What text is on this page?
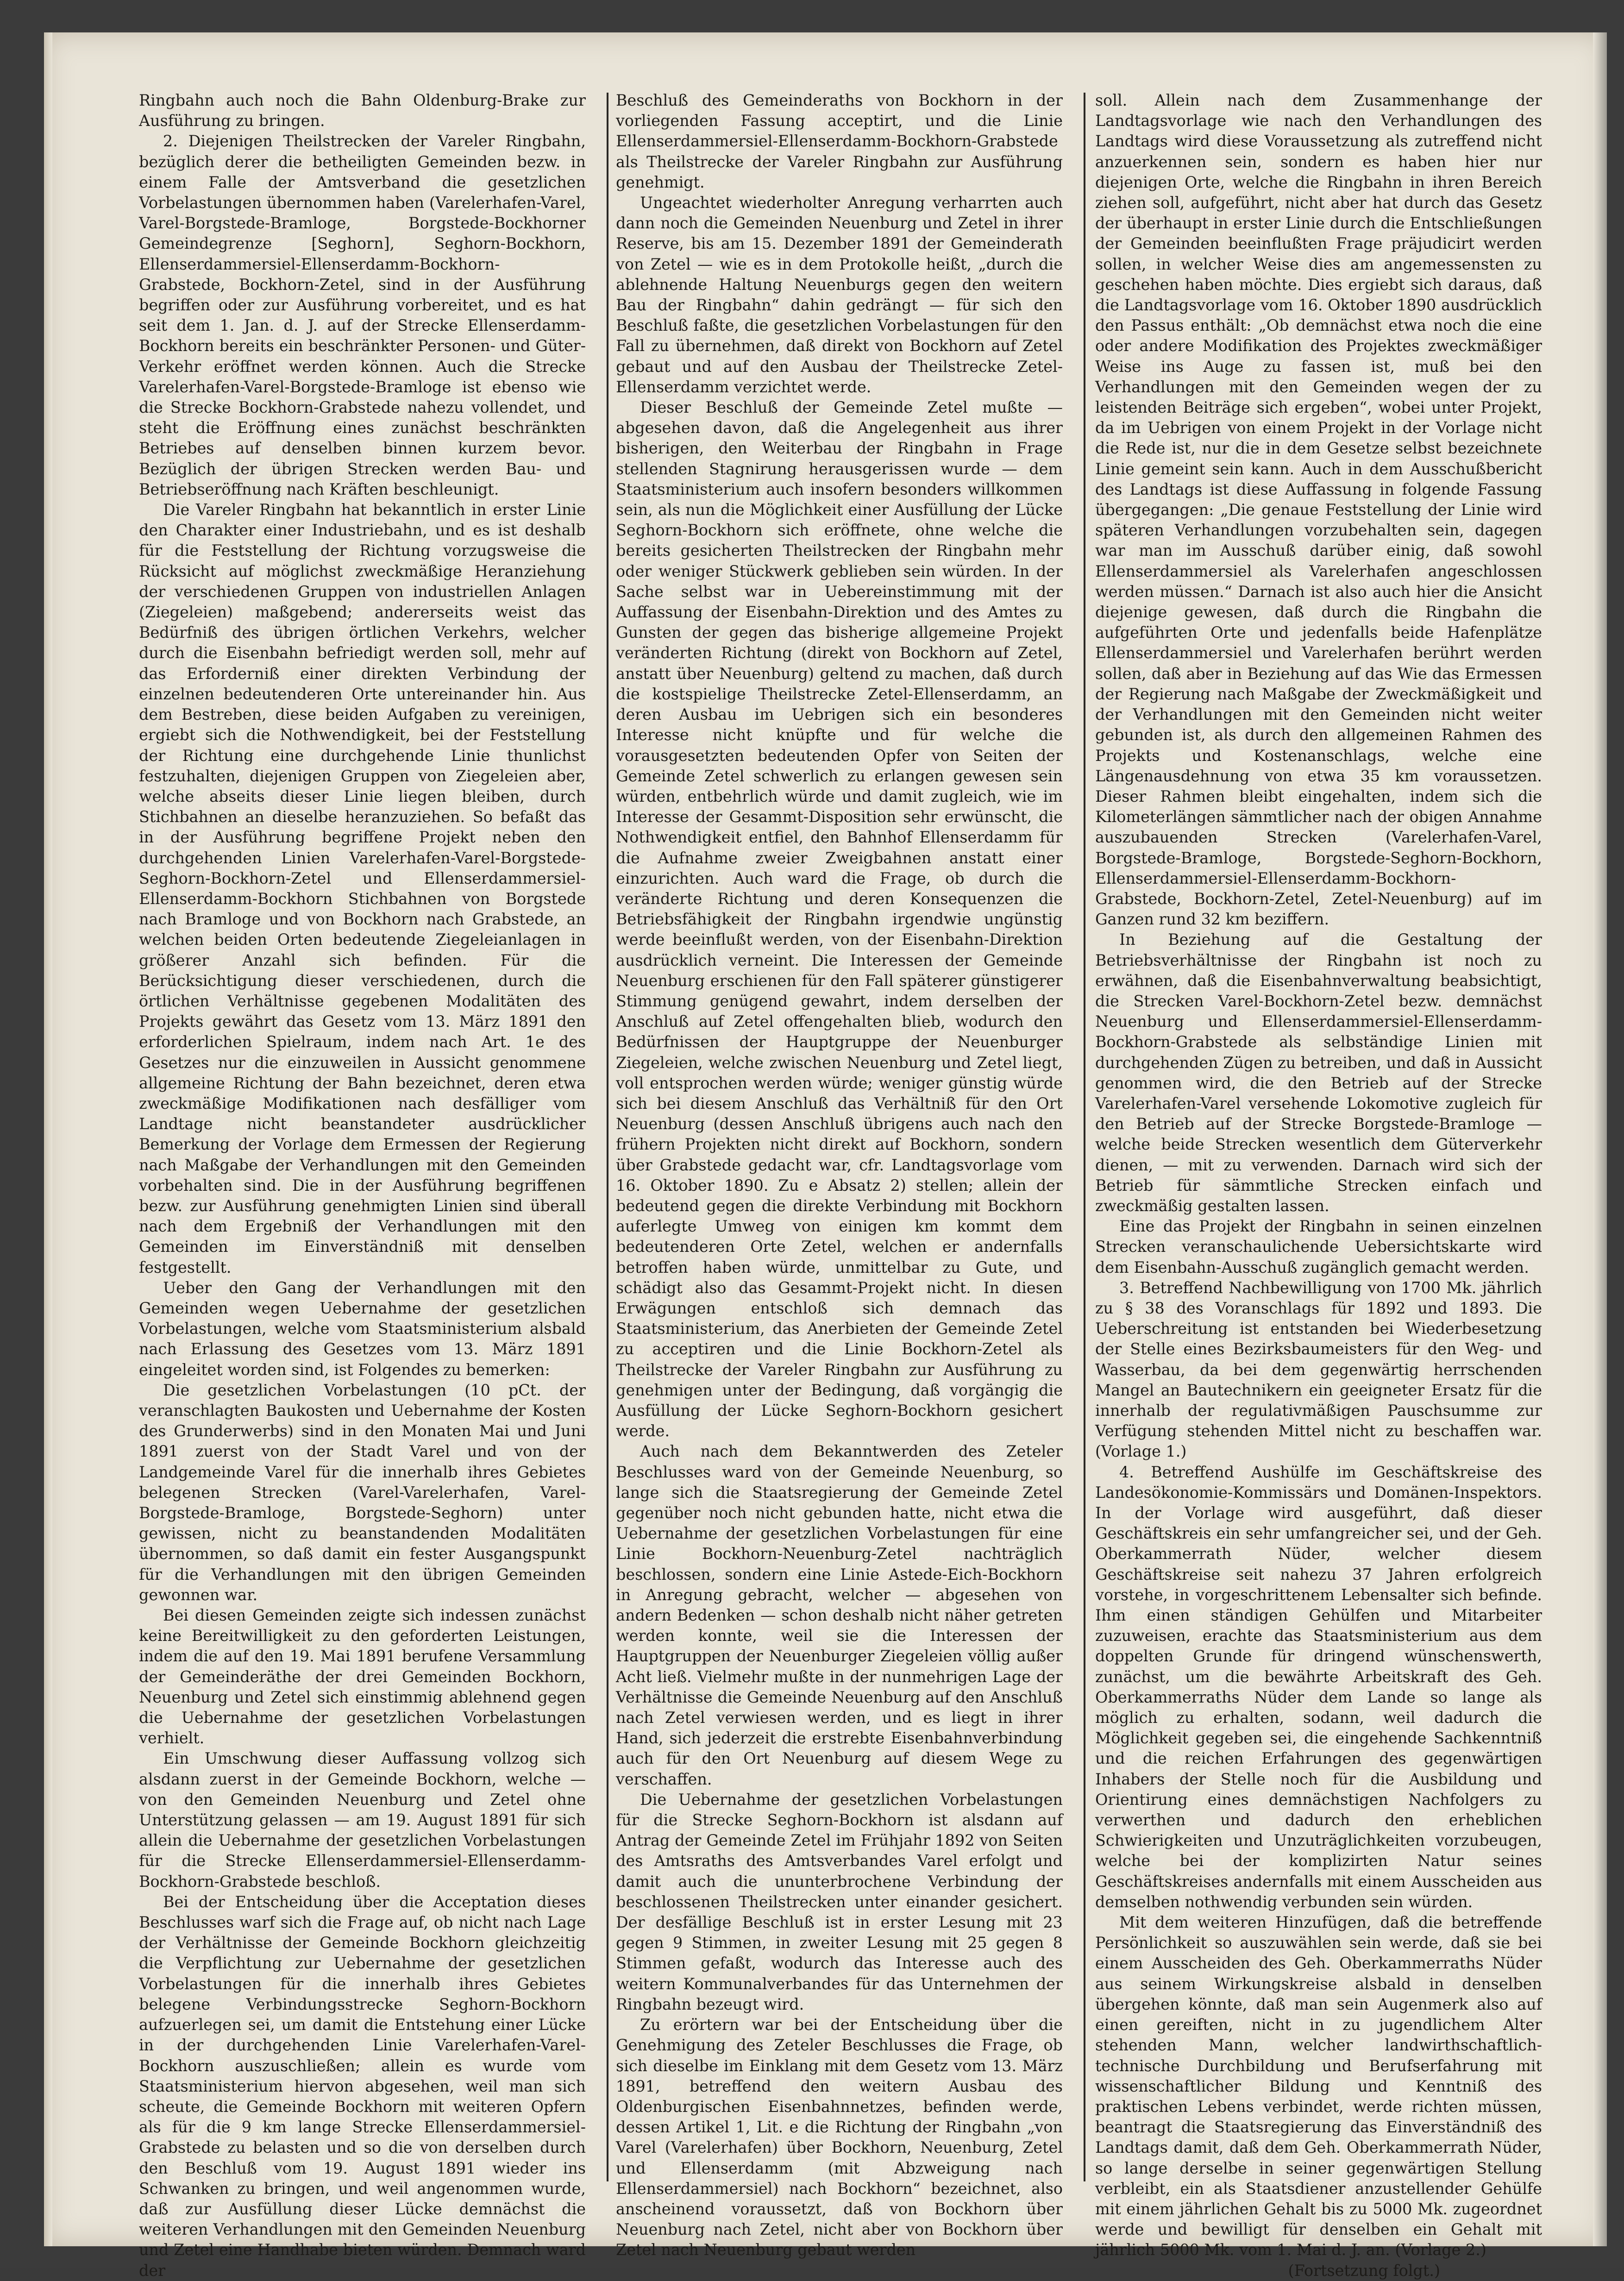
Ringbahn auch noch die Bahn Oldenburg-Brake zur Ausführung zu bringen.

2. Diejenigen Theilstrecken der Vareler Ringbahn, bezüglich derer die betheiligten Gemeinden bezw. in einem Falle der Amtsverband die gesetzlichen Vorbelastungen übernommen haben (Varelerhafen-Varel, Varel-Borgstede-Bramloge, Borgstede-Bockhorner Gemeindegrenze [Seghorn], Seghorn-Bockhorn, Ellenserdammersiel-Ellenserdamm-Bockhorn-Grabstede, Bockhorn-Zetel, sind in der Ausführung begriffen oder zur Ausführung vorbereitet, und es hat seit dem 1. Jan. d. J. auf der Strecke Ellenserdamm-Bockhorn bereits ein beschränkter Personen- und Güter-Verkehr eröffnet werden können. Auch die Strecke Varelerhafen-Varel-Borgstede-Bramloge ist ebenso wie die Strecke Bockhorn-Grabstede nahezu vollendet, und steht die Eröffnung eines zunächst beschränkten Betriebes auf denselben binnen kurzem bevor. Bezüglich der übrigen Strecken werden Bau- und Betriebseröffnung nach Kräften beschleunigt.

Die Vareler Ringbahn hat bekanntlich in erster Linie den Charakter einer Industriebahn, und es ist deshalb für die Feststellung der Richtung vorzugsweise die Rücksicht auf möglichst zweckmäßige Heranziehung der verschiedenen Gruppen von industriellen Anlagen (Ziegeleien) maßgebend; andererseits weist das Bedürfniß des übrigen örtlichen Verkehrs, welcher durch die Eisenbahn befriedigt werden soll, mehr auf das Erforderniß einer direkten Verbindung der einzelnen bedeutenderen Orte untereinander hin. Aus dem Bestreben, diese beiden Aufgaben zu vereinigen, ergiebt sich die Nothwendigkeit, bei der Feststellung der Richtung eine durchgehende Linie thunlichst festzuhalten, diejenigen Gruppen von Ziegeleien aber, welche abseits dieser Linie liegen bleiben, durch Stichbahnen an dieselbe heranzuziehen. So befaßt das in der Ausführung begriffene Projekt neben den durchgehenden Linien Varelerhafen-Varel-Borgstede-Seghorn-Bockhorn-Zetel und Ellenserdammersiel-Ellenserdamm-Bockhorn Stichbahnen von Borgstede nach Bramloge und von Bockhorn nach Grabstede, an welchen beiden Orten bedeutende Ziegeleianlagen in größerer Anzahl sich befinden. Für die Berücksichtigung dieser verschiedenen, durch die örtlichen Verhältnisse gegebenen Modalitäten des Projekts gewährt das Gesetz vom 13. März 1891 den erforderlichen Spielraum, indem nach Art. 1e des Gesetzes nur die einzuweilen in Aussicht genommene allgemeine Richtung der Bahn bezeichnet, deren etwa zweckmäßige Modifikationen nach desfälliger vom Landtage nicht beanstandeter ausdrücklicher Bemerkung der Vorlage dem Ermessen der Regierung nach Maßgabe der Verhandlungen mit den Gemeinden vorbehalten sind. Die in der Ausführung begriffenen bezw. zur Ausführung genehmigten Linien sind überall nach dem Ergebniß der Verhandlungen mit den Gemeinden im Einverständniß mit denselben festgestellt.

Ueber den Gang der Verhandlungen mit den Gemeinden wegen Uebernahme der gesetzlichen Vorbelastungen, welche vom Staatsministerium alsbald nach Erlassung des Gesetzes vom 13. März 1891 eingeleitet worden sind, ist Folgendes zu bemerken:

Die gesetzlichen Vorbelastungen (10 pCt. der veranschlagten Baukosten und Uebernahme der Kosten des Grunderwerbs) sind in den Monaten Mai und Juni 1891 zuerst von der Stadt Varel und von der Landgemeinde Varel für die innerhalb ihres Gebietes belegenen Strecken (Varel-Varelerhafen, Varel-Borgstede-Bramloge, Borgstede-Seghorn) unter gewissen, nicht zu beanstandenden Modalitäten übernommen, so daß damit ein fester Ausgangspunkt für die Verhandlungen mit den übrigen Gemeinden gewonnen war.

Bei diesen Gemeinden zeigte sich indessen zunächst keine Bereitwilligkeit zu den geforderten Leistungen, indem die auf den 19. Mai 1891 berufene Versammlung der Gemeinderäthe der drei Gemeinden Bockhorn, Neuenburg und Zetel sich einstimmig ablehnend gegen die Uebernahme der gesetzlichen Vorbelastungen verhielt.

Ein Umschwung dieser Auffassung vollzog sich alsdann zuerst in der Gemeinde Bockhorn, welche — von den Gemeinden Neuenburg und Zetel ohne Unterstützung gelassen — am 19. August 1891 für sich allein die Uebernahme der gesetzlichen Vorbelastungen für die Strecke Ellenserdammersiel-Ellenserdamm-Bockhorn-Grabstede beschloß.

Bei der Entscheidung über die Acceptation dieses Beschlusses warf sich die Frage auf, ob nicht nach Lage der Verhältnisse der Gemeinde Bockhorn gleichzeitig die Verpflichtung zur Uebernahme der gesetzlichen Vorbelastungen für die innerhalb ihres Gebietes belegene Verbindungsstrecke Seghorn-Bockhorn aufzuerlegen sei, um damit die Entstehung einer Lücke in der durchgehenden Linie Varelerhafen-Varel-Bockhorn auszuschließen; allein es wurde vom Staatsministerium hiervon abgesehen, weil man sich scheute, die Gemeinde Bockhorn mit weiteren Opfern als für die 9 km lange Strecke Ellenserdammersiel-Grabstede zu belasten und so die von derselben durch den Beschluß vom 19. August 1891 wieder ins Schwanken zu bringen, und weil angenommen wurde, daß zur Ausfüllung dieser Lücke demnächst die weiteren Verhandlungen mit den Gemeinden Neuenburg und Zetel eine Handhabe bieten würden. Demnach ward der

Beschluß des Gemeinderaths von Bockhorn in der vorliegenden Fassung acceptirt, und die Linie Ellenserdammersiel-Ellenserdamm-Bockhorn-Grabstede als Theilstrecke der Vareler Ringbahn zur Ausführung genehmigt.

Ungeachtet wiederholter Anregung verharrten auch dann noch die Gemeinden Neuenburg und Zetel in ihrer Reserve, bis am 15. Dezember 1891 der Gemeinderath von Zetel — wie es in dem Protokolle heißt, „durch die ablehnende Haltung Neuenburgs gegen den weitern Bau der Ringbahn“ dahin gedrängt — für sich den Beschluß faßte, die gesetzlichen Vorbelastungen für den Fall zu übernehmen, daß direkt von Bockhorn auf Zetel gebaut und auf den Ausbau der Theilstrecke Zetel-Ellenserdamm verzichtet werde.

Dieser Beschluß der Gemeinde Zetel mußte — abgesehen davon, daß die Angelegenheit aus ihrer bisherigen, den Weiterbau der Ringbahn in Frage stellenden Stagnirung herausgerissen wurde — dem Staatsministerium auch insofern besonders willkommen sein, als nun die Möglichkeit einer Ausfüllung der Lücke Seghorn-Bockhorn sich eröffnete, ohne welche die bereits gesicherten Theilstrecken der Ringbahn mehr oder weniger Stückwerk geblieben sein würden. In der Sache selbst war in Uebereinstimmung mit der Auffassung der Eisenbahn-Direktion und des Amtes zu Gunsten der gegen das bisherige allgemeine Projekt veränderten Richtung (direkt von Bockhorn auf Zetel, anstatt über Neuenburg) geltend zu machen, daß durch die kostspielige Theilstrecke Zetel-Ellenserdamm, an deren Ausbau im Uebrigen sich ein besonderes Interesse nicht knüpfte und für welche die vorausgesetzten bedeutenden Opfer von Seiten der Gemeinde Zetel schwerlich zu erlangen gewesen sein würden, entbehrlich würde und damit zugleich, wie im Interesse der Gesammt-Disposition sehr erwünscht, die Nothwendigkeit entfiel, den Bahnhof Ellenserdamm für die Aufnahme zweier Zweigbahnen anstatt einer einzurichten. Auch ward die Frage, ob durch die veränderte Richtung und deren Konsequenzen die Betriebsfähigkeit der Ringbahn irgendwie ungünstig werde beeinflußt werden, von der Eisenbahn-Direktion ausdrücklich verneint. Die Interessen der Gemeinde Neuenburg erschienen für den Fall späterer günstigerer Stimmung genügend gewahrt, indem derselben der Anschluß auf Zetel offengehalten blieb, wodurch den Bedürfnissen der Hauptgruppe der Neuenburger Ziegeleien, welche zwischen Neuenburg und Zetel liegt, voll entsprochen werden würde; weniger günstig würde sich bei diesem Anschluß das Verhältniß für den Ort Neuenburg (dessen Anschluß übrigens auch nach den frühern Projekten nicht direkt auf Bockhorn, sondern über Grabstede gedacht war, cfr. Landtagsvorlage vom 16. Oktober 1890. Zu e Absatz 2) stellen; allein der bedeutend gegen die direkte Verbindung mit Bockhorn auferlegte Umweg von einigen km kommt dem bedeutenderen Orte Zetel, welchen er andernfalls betroffen haben würde, unmittelbar zu Gute, und schädigt also das Gesammt-Projekt nicht. In diesen Erwägungen entschloß sich demnach das Staatsministerium, das Anerbieten der Gemeinde Zetel zu acceptiren und die Linie Bockhorn-Zetel als Theilstrecke der Vareler Ringbahn zur Ausführung zu genehmigen unter der Bedingung, daß vorgängig die Ausfüllung der Lücke Seghorn-Bockhorn gesichert werde.

Auch nach dem Bekanntwerden des Zeteler Beschlusses ward von der Gemeinde Neuenburg, so lange sich die Staatsregierung der Gemeinde Zetel gegenüber noch nicht gebunden hatte, nicht etwa die Uebernahme der gesetzlichen Vorbelastungen für eine Linie Bockhorn-Neuenburg-Zetel nachträglich beschlossen, sondern eine Linie Astede-Eich-Bockhorn in Anregung gebracht, welcher — abgesehen von andern Bedenken — schon deshalb nicht näher getreten werden konnte, weil sie die Interessen der Hauptgruppen der Neuenburger Ziegeleien völlig außer Acht ließ. Vielmehr mußte in der nunmehrigen Lage der Verhältnisse die Gemeinde Neuenburg auf den Anschluß nach Zetel verwiesen werden, und es liegt in ihrer Hand, sich jederzeit die erstrebte Eisenbahnverbindung auch für den Ort Neuenburg auf diesem Wege zu verschaffen.

Die Uebernahme der gesetzlichen Vorbelastungen für die Strecke Seghorn-Bockhorn ist alsdann auf Antrag der Gemeinde Zetel im Frühjahr 1892 von Seiten des Amtsraths des Amtsverbandes Varel erfolgt und damit auch die ununterbrochene Verbindung der beschlossenen Theilstrecken unter einander gesichert. Der desfällige Beschluß ist in erster Lesung mit 23 gegen 9 Stimmen, in zweiter Lesung mit 25 gegen 8 Stimmen gefaßt, wodurch das Interesse auch des weitern Kommunalverbandes für das Unternehmen der Ringbahn bezeugt wird.

Zu erörtern war bei der Entscheidung über die Genehmigung des Zeteler Beschlusses die Frage, ob sich dieselbe im Einklang mit dem Gesetz vom 13. März 1891, betreffend den weitern Ausbau des Oldenburgischen Eisenbahnnetzes, befinden werde, dessen Artikel 1, Lit. e die Richtung der Ringbahn „von Varel (Varelerhafen) über Bockhorn, Neuenburg, Zetel und Ellenserdamm (mit Abzweigung nach Ellenserdammersiel) nach Bockhorn“ bezeichnet, also anscheinend voraussetzt, daß von Bockhorn über Neuenburg nach Zetel, nicht aber von Bockhorn über Zetel nach Neuenburg gebaut werden

soll. Allein nach dem Zusammenhange der Landtagsvorlage wie nach den Verhandlungen des Landtags wird diese Voraussetzung als zutreffend nicht anzuerkennen sein, sondern es haben hier nur diejenigen Orte, welche die Ringbahn in ihren Bereich ziehen soll, aufgeführt, nicht aber hat durch das Gesetz der überhaupt in erster Linie durch die Entschließungen der Gemeinden beeinflußten Frage präjudicirt werden sollen, in welcher Weise dies am angemessensten zu geschehen haben möchte. Dies ergiebt sich daraus, daß die Landtagsvorlage vom 16. Oktober 1890 ausdrücklich den Passus enthält: „Ob demnächst etwa noch die eine oder andere Modifikation des Projektes zweckmäßiger Weise ins Auge zu fassen ist, muß bei den Verhandlungen mit den Gemeinden wegen der zu leistenden Beiträge sich ergeben“, wobei unter Projekt, da im Uebrigen von einem Projekt in der Vorlage nicht die Rede ist, nur die in dem Gesetze selbst bezeichnete Linie gemeint sein kann. Auch in dem Ausschußbericht des Landtags ist diese Auffassung in folgende Fassung übergegangen: „Die genaue Feststellung der Linie wird späteren Verhandlungen vorzubehalten sein, dagegen war man im Ausschuß darüber einig, daß sowohl Ellenserdammersiel als Varelerhafen angeschlossen werden müssen.“ Darnach ist also auch hier die Ansicht diejenige gewesen, daß durch die Ringbahn die aufgeführten Orte und jedenfalls beide Hafenplätze Ellenserdammersiel und Varelerhafen berührt werden sollen, daß aber in Beziehung auf das Wie das Ermessen der Regierung nach Maßgabe der Zweckmäßigkeit und der Verhandlungen mit den Gemeinden nicht weiter gebunden ist, als durch den allgemeinen Rahmen des Projekts und Kostenanschlags, welche eine Längenausdehnung von etwa 35 km voraussetzen. Dieser Rahmen bleibt eingehalten, indem sich die Kilometerlängen sämmtlicher nach der obigen Annahme auszubauenden Strecken (Varelerhafen-Varel, Borgstede-Bramloge, Borgstede-Seghorn-Bockhorn, Ellenserdammersiel-Ellenserdamm-Bockhorn-Grabstede, Bockhorn-Zetel, Zetel-Neuenburg) auf im Ganzen rund 32 km beziffern.

In Beziehung auf die Gestaltung der Betriebsverhältnisse der Ringbahn ist noch zu erwähnen, daß die Eisenbahnverwaltung beabsichtigt, die Strecken Varel-Bockhorn-Zetel bezw. demnächst Neuenburg und Ellenserdammersiel-Ellenserdamm-Bockhorn-Grabstede als selbständige Linien mit durchgehenden Zügen zu betreiben, und daß in Aussicht genommen wird, die den Betrieb auf der Strecke Varelerhafen-Varel versehende Lokomotive zugleich für den Betrieb auf der Strecke Borgstede-Bramloge — welche beide Strecken wesentlich dem Güterverkehr dienen, — mit zu verwenden. Darnach wird sich der Betrieb für sämmtliche Strecken einfach und zweckmäßig gestalten lassen.

Eine das Projekt der Ringbahn in seinen einzelnen Strecken veranschaulichende Uebersichtskarte wird dem Eisenbahn-Ausschuß zugänglich gemacht werden.

3. Betreffend Nachbewilligung von 1700 Mk. jährlich zu § 38 des Voranschlags für 1892 und 1893. Die Ueberschreitung ist entstanden bei Wiederbesetzung der Stelle eines Bezirksbaumeisters für den Weg- und Wasserbau, da bei dem gegenwärtig herrschenden Mangel an Bautechnikern ein geeigneter Ersatz für die innerhalb der regulativmäßigen Pauschsumme zur Verfügung stehenden Mittel nicht zu beschaffen war. (Vorlage 1.)

4. Betreffend Aushülfe im Geschäftskreise des Landesökonomie-Kommissärs und Domänen-Inspektors. In der Vorlage wird ausgeführt, daß dieser Geschäftskreis ein sehr umfangreicher sei, und der Geh. Oberkammerrath Nüder, welcher diesem Geschäftskreise seit nahezu 37 Jahren erfolgreich vorstehe, in vorgeschrittenem Lebensalter sich befinde. Ihm einen ständigen Gehülfen und Mitarbeiter zuzuweisen, erachte das Staatsministerium aus dem doppelten Grunde für dringend wünschenswerth, zunächst, um die bewährte Arbeitskraft des Geh. Oberkammerraths Nüder dem Lande so lange als möglich zu erhalten, sodann, weil dadurch die Möglichkeit gegeben sei, die eingehende Sachkenntniß und die reichen Erfahrungen des gegenwärtigen Inhabers der Stelle noch für die Ausbildung und Orientirung eines demnächstigen Nachfolgers zu verwerthen und dadurch den erheblichen Schwierigkeiten und Unzuträglichkeiten vorzubeugen, welche bei der komplizirten Natur seines Geschäftskreises andernfalls mit einem Ausscheiden aus demselben nothwendig verbunden sein würden.

Mit dem weiteren Hinzufügen, daß die betreffende Persönlichkeit so auszuwählen sein werde, daß sie bei einem Ausscheiden des Geh. Oberkammerraths Nüder aus seinem Wirkungskreise alsbald in denselben übergehen könnte, daß man sein Augenmerk also auf einen gereiften, nicht in zu jugendlichem Alter stehenden Mann, welcher landwirthschaftlich-technische Durchbildung und Berufserfahrung mit wissenschaftlicher Bildung und Kenntniß des praktischen Lebens verbindet, werde richten müssen, beantragt die Staatsregierung das Einverständniß des Landtags damit, daß dem Geh. Oberkammerrath Nüder, so lange derselbe in seiner gegenwärtigen Stellung verbleibt, ein als Staatsdiener anzustellender Gehülfe mit einem jährlichen Gehalt bis zu 5000 Mk. zugeordnet werde und bewilligt für denselben ein Gehalt mit jährlich 5000 Mk. vom 1. Mai d. J. an. (Vorlage 2.)

(Fortsetzung folgt.)
